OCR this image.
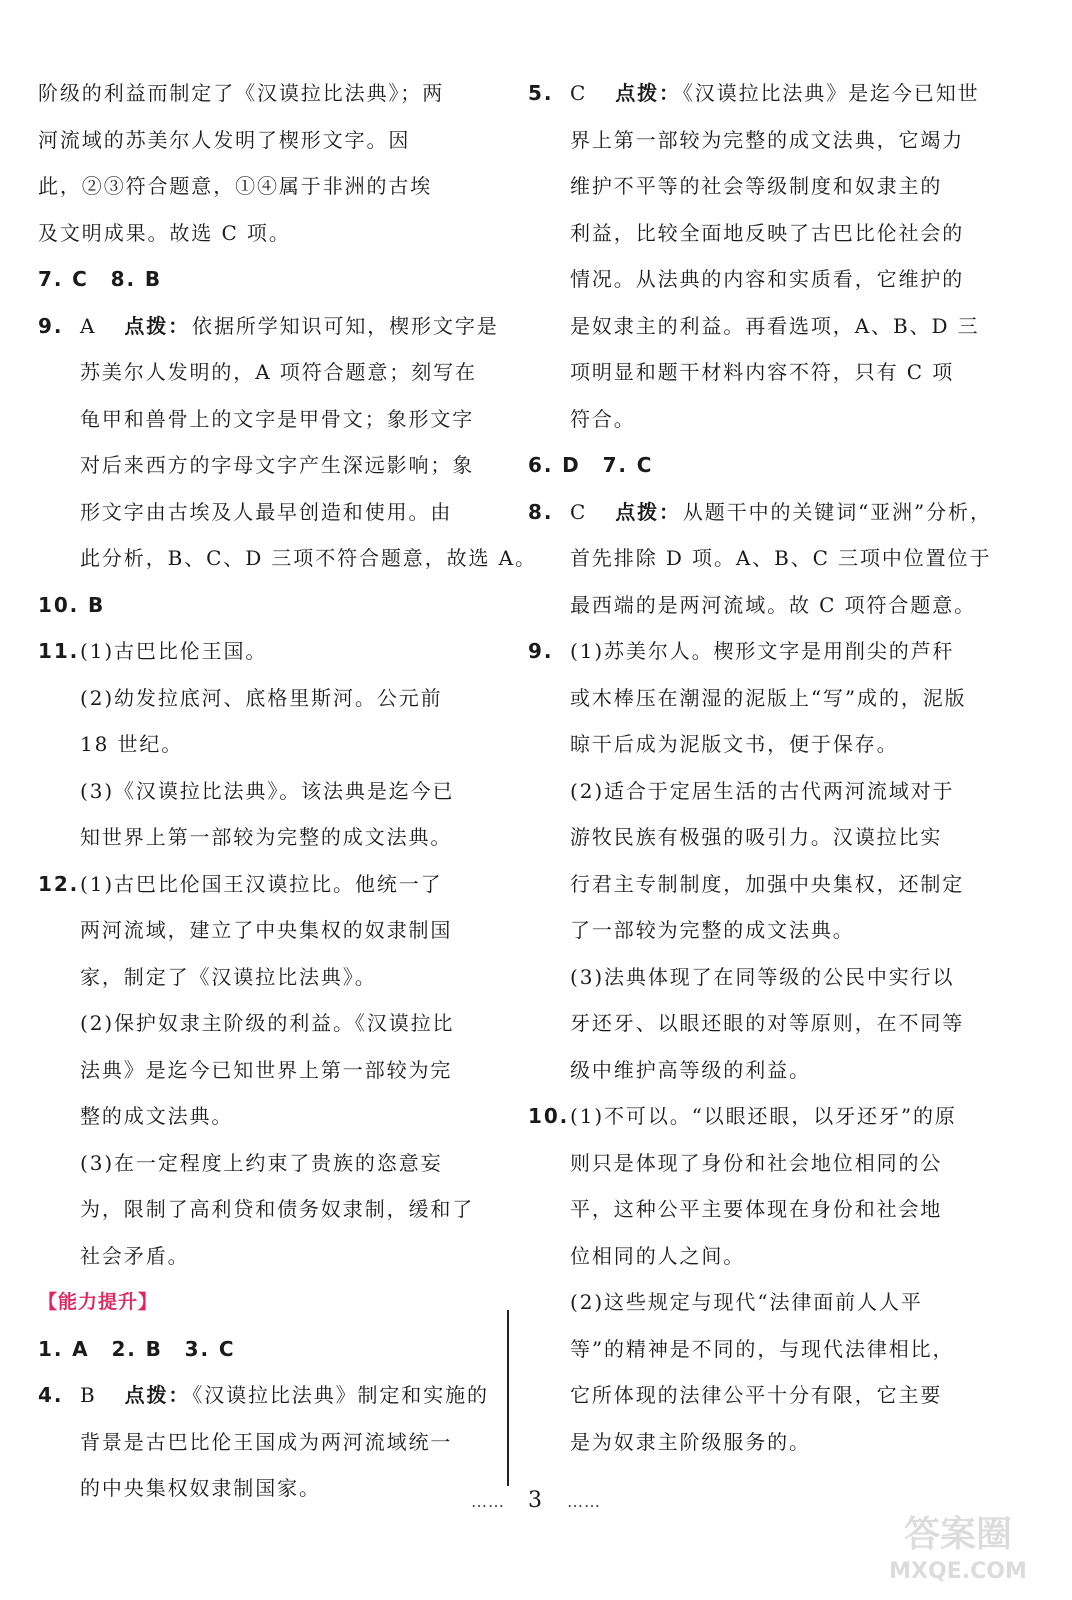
阶级的利益而制定了《汉谟拉比法典》；两
河流域的苏美尔人发明了楔形文字。因
此，②③符合题意，①④属于非洲的古埃
及文明成果。故选 C 项。
7. C　8. B
9. A 点拨： 依据所学知识可知，楔形文字是
苏美尔人发明的，A 项符合题意；刻写在
龟甲和兽骨上的文字是甲骨文；象形文字
对后来西方的字母文字产生深远影响；象
形文字由古埃及人最早创造和使用。由
此分析，B、C、D 三项不符合题意，故选 A。
10. B
11. (1)古巴比伦王国。
(2)幼发拉底河、底格里斯河。公元前
18 世纪。
(3)《汉谟拉比法典》。该法典是迄今已
知世界上第一部较为完整的成文法典。
12. (1)古巴比伦国王汉谟拉比。他统一了
两河流域，建立了中央集权的奴隶制国
家，制定了《汉谟拉比法典》。
(2)保护奴隶主阶级的利益。《汉谟拉比
法典》是迄今已知世界上第一部较为完
整的成文法典。
(3)在一定程度上约束了贵族的恣意妄
为，限制了高利贷和债务奴隶制，缓和了
社会矛盾。
【能力提升】
1. A　2. B　3. C
4. B 点拨： 《汉谟拉比法典》制定和实施的
背景是古巴比伦王国成为两河流域统一
的中央集权奴隶制国家。
5. C 点拨： 《汉谟拉比法典》是迄今已知世
界上第一部较为完整的成文法典，它竭力
维护不平等的社会等级制度和奴隶主的
利益，比较全面地反映了古巴比伦社会的
情况。从法典的内容和实质看，它维护的
是奴隶主的利益。再看选项，A、B、D 三
项明显和题干材料内容不符，只有 C 项
符合。
6. D　7. C
8. C 点拨： 从题干中的关键词“亚洲”分析，
首先排除 D 项。A、B、C 三项中位置位于
最西端的是两河流域。故 C 项符合题意。
9. (1)苏美尔人。楔形文字是用削尖的芦秆
或木棒压在潮湿的泥版上“写”成的，泥版
晾干后成为泥版文书，便于保存。
(2)适合于定居生活的古代两河流域对于
游牧民族有极强的吸引力。汉谟拉比实
行君主专制制度，加强中央集权，还制定
了一部较为完整的成文法典。
(3)法典体现了在同等级的公民中实行以
牙还牙、以眼还眼的对等原则，在不同等
级中维护高等级的利益。
10. (1)不可以。“以眼还眼，以牙还牙”的原
则只是体现了身份和社会地位相同的公
平，这种公平主要体现在身份和社会地
位相同的人之间。
(2)这些规定与现代“法律面前人人平
等”的精神是不同的，与现代法律相比，
它所体现的法律公平十分有限，它主要
是为奴隶主阶级服务的。
…… 3 ……
答案圈
MXQE.COM
